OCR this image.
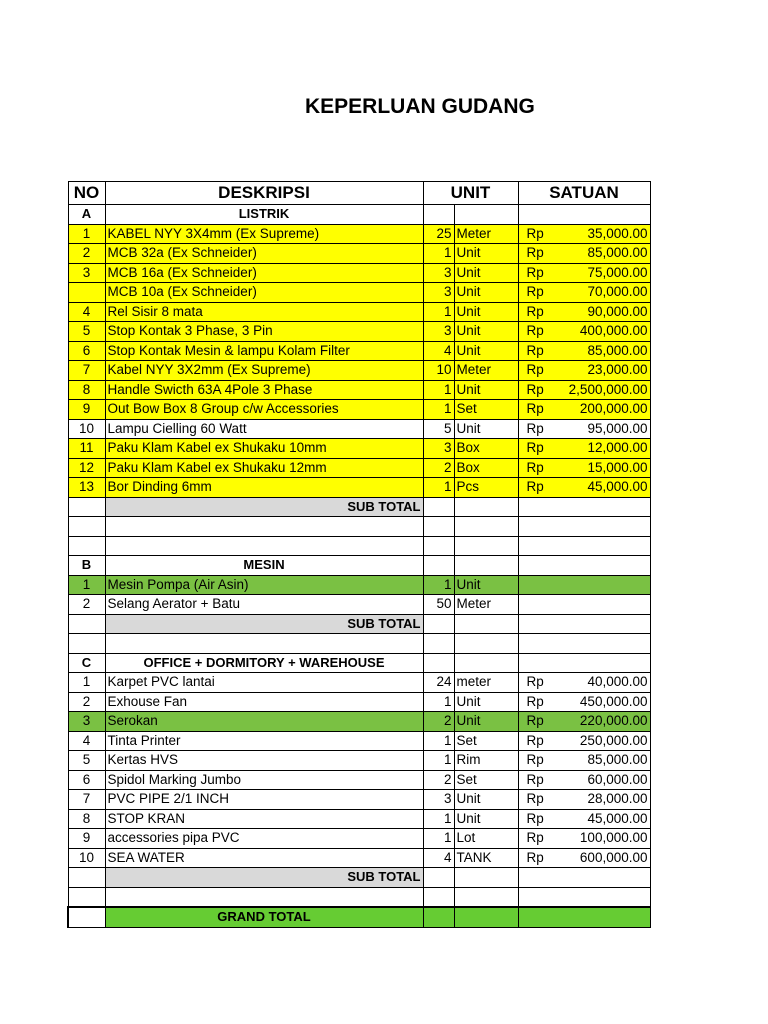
KEPERLUAN GUDANG
NO	DESKRIPSI	UNIT		SATUAN
A	LISTRIK			
1	KABEL NYY 3X4mm (Ex Supreme)	25	Meter	Rp 35,000.00

2	MCB 32a (Ex Schneider)	1	Unit	Rp 85,000.00

3	MCB 16a (Ex Schneider)	3	Unit	Rp 75,000.00

	MCB 10a (Ex Schneider)	3	Unit	Rp 70,000.00

4	Rel Sisir 8 mata	1	Unit	Rp 90,000.00

5	Stop Kontak 3 Phase, 3 Pin	3	Unit	Rp 400,000.00

6	Stop Kontak Mesin & lampu Kolam Filter	4	Unit	Rp 85,000.00

7	Kabel NYY 3X2mm (Ex Supreme)	10	Meter	Rp 23,000.00

8	Handle Swicth 63A 4Pole 3 Phase	1	Unit	Rp 2,500,000.00

9	Out Bow Box 8 Group c/w Accessories	1	Set	Rp 200,000.00

10	Lampu Cielling 60 Watt	5	Unit	Rp 95,000.00

11	Paku Klam Kabel ex Shukaku 10mm	3	Box	Rp 12,000.00

12	Paku Klam Kabel ex Shukaku 12mm	2	Box	Rp 15,000.00

13	Bor Dinding 6mm	1	Pcs	Rp 45,000.00

	SUB TOTAL			

B	MESIN			
1	Mesin Pompa (Air Asin)	1	Unit	
2	Selang Aerator + Batu	50	Meter	
	SUB TOTAL			

C	OFFICE + DORMITORY + WAREHOUSE			
1	Karpet PVC lantai	24	meter	Rp 40,000.00

2	Exhouse Fan	1	Unit	Rp 450,000.00

3	Serokan	2	Unit	Rp 220,000.00

4	Tinta Printer	1	Set	Rp 250,000.00

5	Kertas HVS	1	Rim	Rp 85,000.00

6	Spidol Marking Jumbo	2	Set	Rp 60,000.00

7	PVC PIPE 2/1 INCH	3	Unit	Rp 28,000.00

8	STOP KRAN	1	Unit	Rp 45,000.00

9	accessories pipa PVC	1	Lot	Rp 100,000.00

10	SEA WATER	4	TANK	Rp 600,000.00

	SUB TOTAL			

	GRAND TOTAL			
